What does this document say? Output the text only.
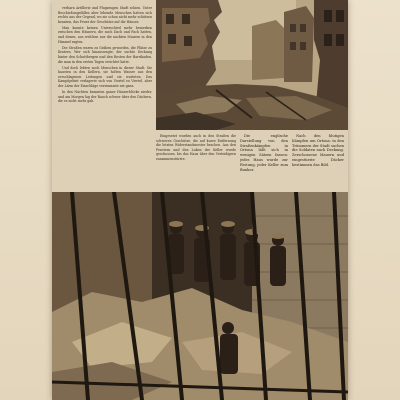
verbarn Artillerie und Flugzeugen Stadt schien. Unter Beschießungsfällen aber lebende Menschen hatten sich rechts aus der Gegend, wo sie schon nicht mehr schützen konnten, das Feuer der Geschütze auf die Häuser.

Man konnte keinen Unterschied mehr bemerken zwischen den Häusern, die noch Dach und Fach hatten, und denen, aus welchen nur die nackten Mauern in den Himmel ragten.

Die Straßen waren zu Gräben geworden, die Plätze zu Kratern. Wer sich hinauswagte, der suchte Deckung hinter den Schuttbergen und den Resten der Barrikaden, die man in den ersten Tagen errichtet hatte.

Und doch lebten noch Menschen in dieser Stadt. Sie hausten in den Kellern, sie holten Wasser aus den zerschlagenen Leitungen und sie warteten. Das Kampfgebiet verlagerte sich von Viertel zu Viertel, aber der Lärm der Einschläge verstummte nie ganz.

In den Nächten brannten ganze Häuserblöcke nieder, und am Morgen lag der Rauch schwer über den Dächern, die es nicht mehr gab.

Eingesetzt wurden auch in den Straßen die schweren Geschütze, die auf kurze Entfernung die letzten Widerstandsnester brachen. Aus den Fenstern und den Luken der Keller wurde geschossen, bis das Haus über den Verteidigern zusammenstürzte.

Die englische Darstellung von den Straßenkämpfen in Ortona läßt sich in wenigen Sätzen fassen: jedes Haus wurde zur Festung, jeder Keller zum Bunker.

Nach den blutigen Kämpfen um Ortona: in den Trümmern der Stadt suchen die Soldaten nach Deckung. Zerschossene Mauern und eingestürzte Dächer bestimmen das Bild.
